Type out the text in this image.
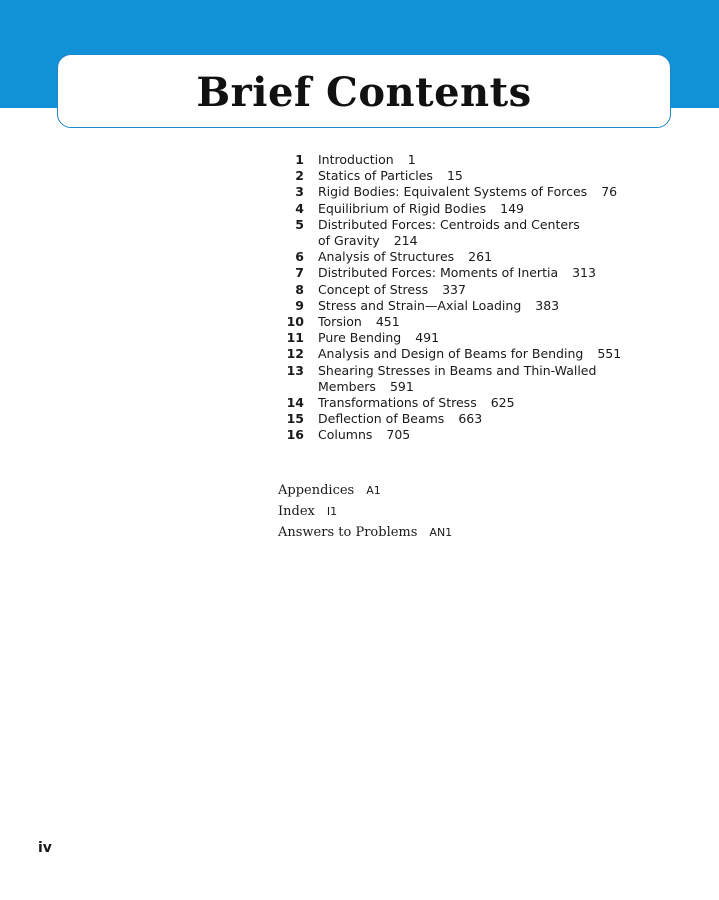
Brief Contents
1	Introduction 1
2	Statics of Particles 15
3	Rigid Bodies: Equivalent Systems of Forces 76
4	Equilibrium of Rigid Bodies 149
5	Distributed Forces: Centroids and Centers
of Gravity 214
6	Analysis of Structures 261
7	Distributed Forces: Moments of Inertia 313
8	Concept of Stress 337
9	Stress and Strain—Axial Loading 383
10	Torsion 451
11	Pure Bending 491
12	Analysis and Design of Beams for Bending 551
13	Shearing Stresses in Beams and Thin-Walled
Members 591
14	Transformations of Stress 625
15	Deflection of Beams 663
16	Columns 705
Appendices A1
Index I1
Answers to Problems AN1
iv
